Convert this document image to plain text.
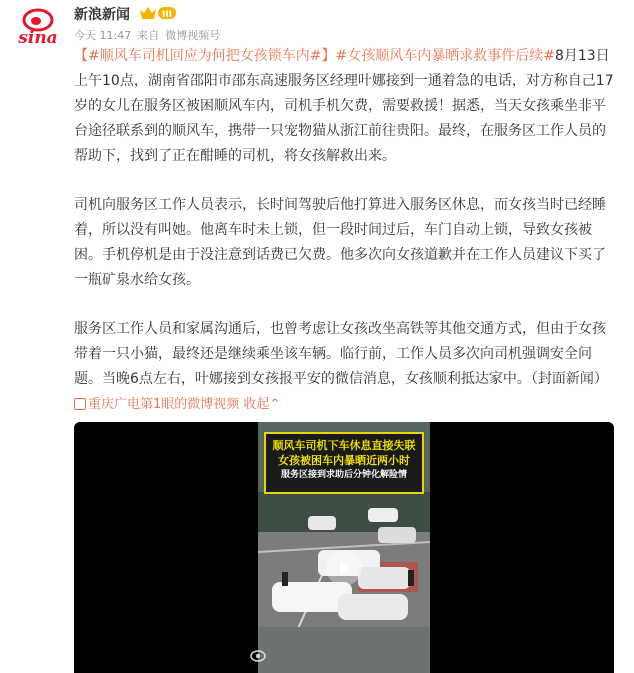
sina
新浪新闻	III
今天 11:47 来自 微博视频号

【#顺风车司机回应为何把女孩锁车内#】#女孩顺风车内暴晒求救事件后续#8月13日上午10点，湖南省邵阳市邵东高速服务区经理叶娜接到一通着急的电话，对方称自己17岁的女儿在服务区被困顺风车内，司机手机欠费，需要救援！据悉，当天女孩乘坐非平台途径联系到的顺风车，携带一只宠物猫从浙江前往贵阳。最终，在服务区工作人员的帮助下，找到了正在酣睡的司机，将女孩解救出来。

司机向服务区工作人员表示，长时间驾驶后他打算进入服务区休息，而女孩当时已经睡着，所以没有叫她。他离车时未上锁，但一段时间过后，车门自动上锁，导致女孩被困。手机停机是由于没注意到话费已欠费。他多次向女孩道歉并在工作人员建议下买了一瓶矿泉水给女孩。

服务区工作人员和家属沟通后，也曾考虑让女孩改坐高铁等其他交通方式，但由于女孩带着一只小猫，最终还是继续乘坐该车辆。临行前，工作人员多次向司机强调安全问题。当晚6点左右，叶娜接到女孩报平安的微信消息，女孩顺利抵达家中。（封面新闻）

重庆广电第1眼的微博视频 收起⌃
顺风车司机下车休息直接失联
女孩被困车内暴晒近两小时
服务区接到求助后分钟化解险情
